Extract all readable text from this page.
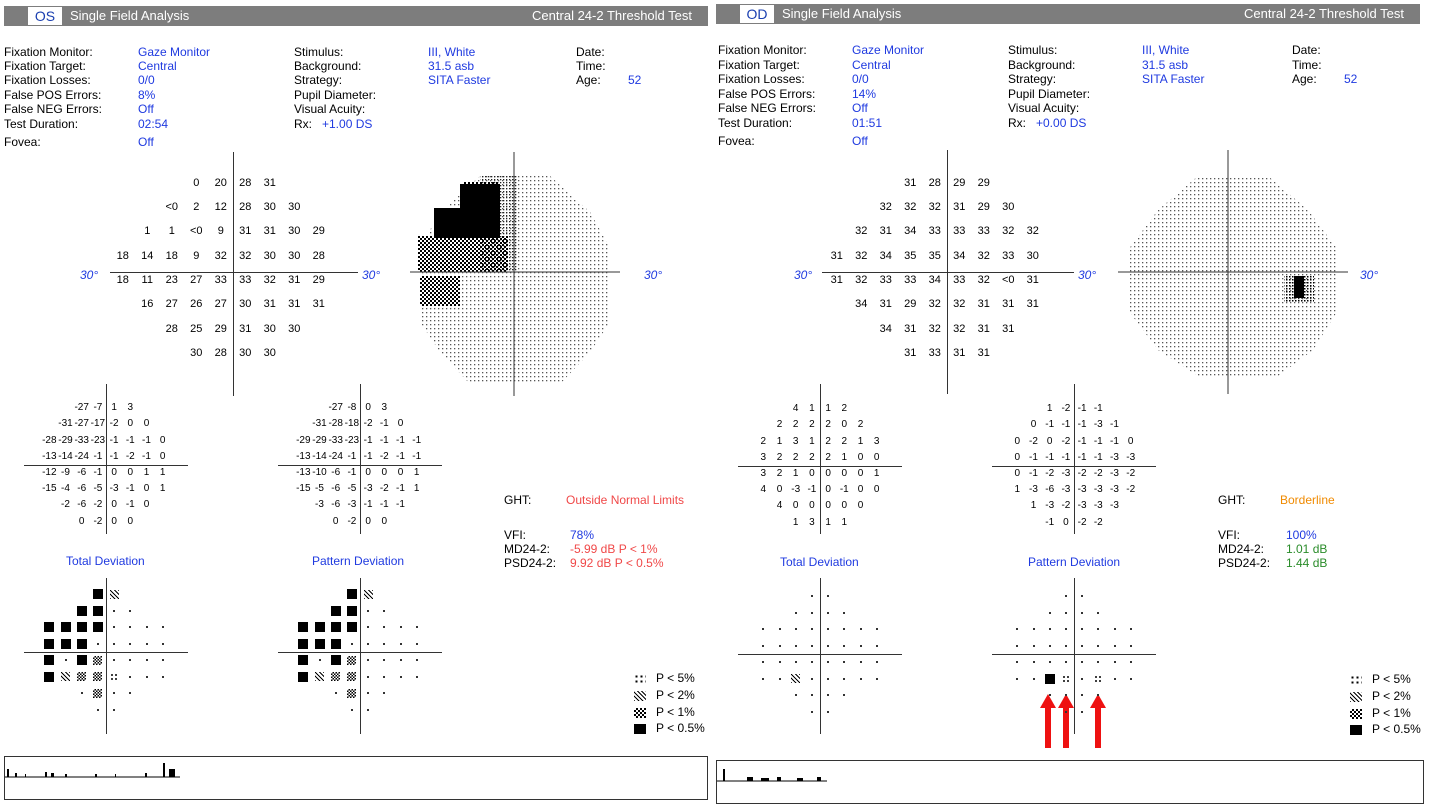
OS	Single Field Analysis	Central 24-2 Threshold Test
Fixation Monitor:	Gaze Monitor
Fixation Target:	Central
Fixation Losses:	0/0
False POS Errors:	8%
False NEG Errors:	Off
Test Duration:	02:54
Fovea:	Off
Stimulus:	III, White
Background:	31.5 asb
Strategy:	SITA Faster
Pupil Diameter:
Visual Acuity:
Rx: +1.00 DS
Date:
Time:
Age: 52
30°	30°	30°
Total Deviation	Pattern Deviation
GHT:	Outside Normal Limits
VFI:	78%
MD24-2: -5.99 dB P < 1%
PSD24-2: 9.92 dB P < 0.5%
P < 5%
P < 2%
P < 1%
P < 0.5%
0	20	28	31
<0	2	12	28	30	30
1	1	<0	9	31	31	30	29
18	14	18	9	32	32	30	30	28
18	11	23	27	33	33	32	31	29
16	27	26	27	30	31	31	31
28	25	29	31	30	30
30	28	30	30
-27 -7 1	3
-31 -27 -17 -2 0	0
-28 -29 -33 -23 -1 -1 -1 0
-13 -14 -24 -1 -1 -2 -1 0
-12 -9 -6 -1 0	0	1	1
-15 -4 -6 -5 -3 -1 0	1
-2 -6 -2 0 -1 0
0 -2 0	0
-27 -8 0	3
-31 -28 -18 -2 -1 0
-29 -29 -33 -23 -1 -1 -1 -1
-13 -14 -24 -1 -1 -2 -1 -1
-13 -10 -6 -1 0	0	0	1
-15 -5 -6 -5 -3 -2 -1 1
-3 -6 -3 -1 -1 -1
0 -2 0	0
OD	Single Field Analysis	Central 24-2 Threshold Test
Fixation Monitor:	Gaze Monitor
Fixation Target:	Central
Fixation Losses:	0/0
False POS Errors:	14%
False NEG Errors:	Off
Test Duration:	01:51
Fovea:	Off
Stimulus:	III, White
Background:	31.5 asb
Strategy:	SITA Faster
Pupil Diameter:
Visual Acuity:
Rx: +0.00 DS
Date:
Time:
Age: 52
30°	30°	30°
Total Deviation	Pattern Deviation
GHT:	Borderline
VFI:	100%
MD24-2: 1.01 dB
PSD24-2: 1.44 dB
P < 5%
P < 2%
P < 1%
P < 0.5%
31	28	29	29
32	32	32	31	29	30
32	31	34	33	33	33	32	32
31	32	34	35	35	34	32	33	30
31	32	33	33	34	33	32	<0	31
34	31	29	32	32	31	31	31
34	31	32	32	31	31
31	33	31	31
4	1	1	2
2	2	2	2	0	2
2	1	3	1	2	2	1	3
3	2	2	2	2	1	0	0
3	2	1	0	0	0	0	1
4	0 -3 -1 0 -1 0	0
4	0	0	0	0	0
1	3	1	1
1 -2 -1 -1
0 -1 -1 -1 -3 -1
0 -2 0 -2 -1 -1 -1 0
0 -1 -1 -1 -1 -1 -3 -3
0 -1 -2 -3 -2 -2 -3 -2
1 -3 -6 -3 -3 -3 -3 -2
1 -3 -2 -3 -3 -3
-1 0 -2 -2
